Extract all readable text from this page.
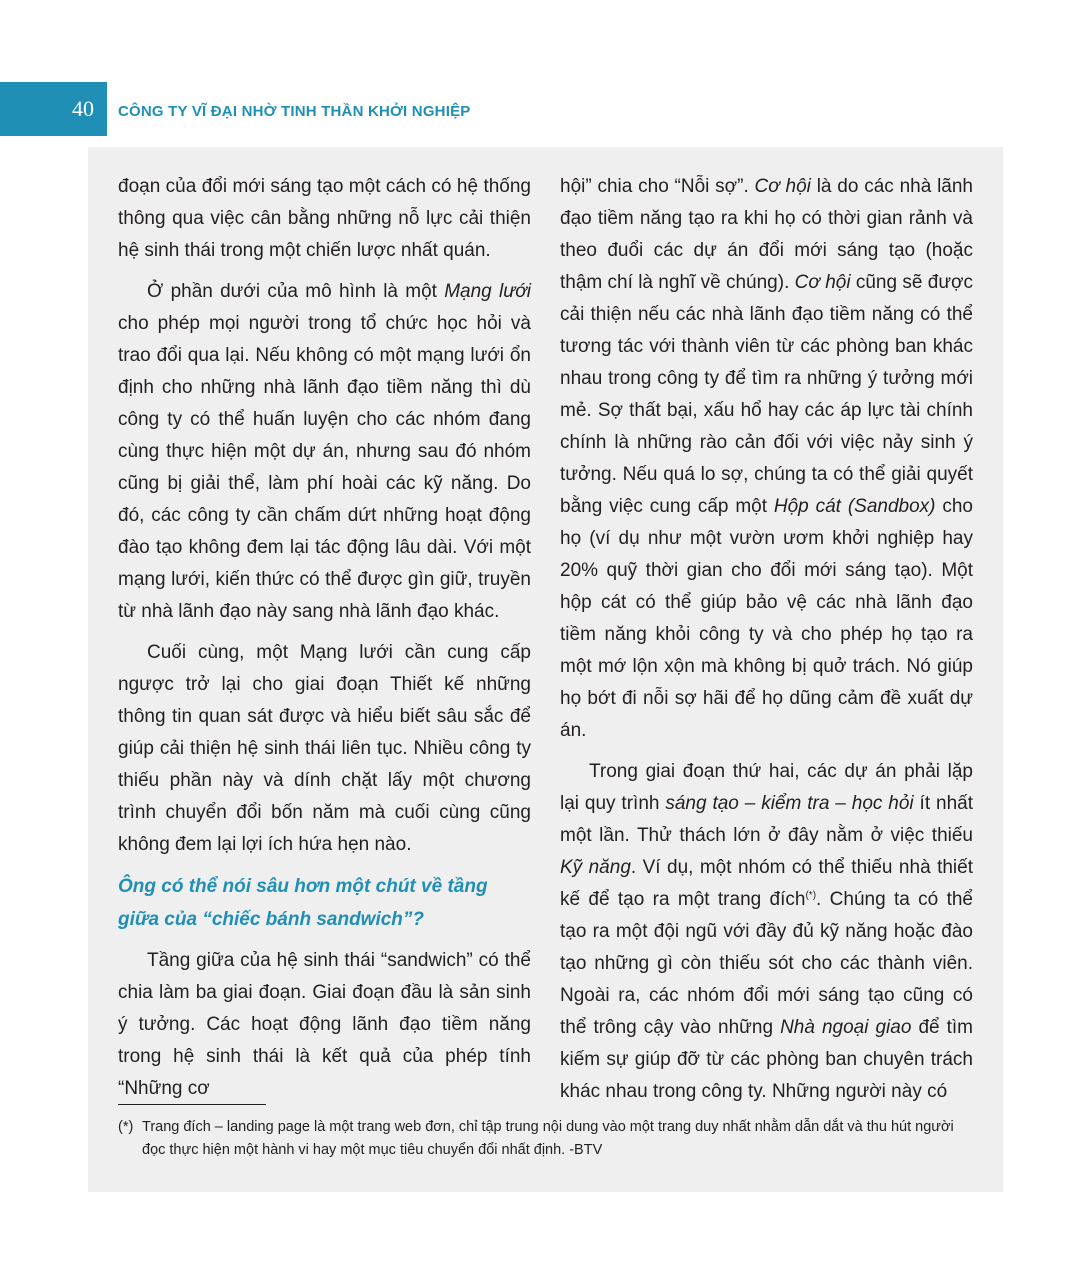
40	CÔNG TY VĨ ĐẠI NHỜ TINH THẦN KHỞI NGHIỆP

đoạn của đổi mới sáng tạo một cách có hệ thống thông qua việc cân bằng những nỗ lực cải thiện hệ sinh thái trong một chiến lược nhất quán.

Ở phần dưới của mô hình là một Mạng lưới cho phép mọi người trong tổ chức học hỏi và trao đổi qua lại. Nếu không có một mạng lưới ổn định cho những nhà lãnh đạo tiềm năng thì dù công ty có thể huấn luyện cho các nhóm đang cùng thực hiện một dự án, nhưng sau đó nhóm cũng bị giải thể, làm phí hoài các kỹ năng. Do đó, các công ty cần chấm dứt những hoạt động đào tạo không đem lại tác động lâu dài. Với một mạng lưới, kiến thức có thể được gìn giữ, truyền từ nhà lãnh đạo này sang nhà lãnh đạo khác.

Cuối cùng, một Mạng lưới cần cung cấp ngược trở lại cho giai đoạn Thiết kế những thông tin quan sát được và hiểu biết sâu sắc để giúp cải thiện hệ sinh thái liên tục. Nhiều công ty thiếu phần này và dính chặt lấy một chương trình chuyển đổi bốn năm mà cuối cùng cũng không đem lại lợi ích hứa hẹn nào.

Ông có thể nói sâu hơn một chút về tầng giữa của “chiếc bánh sandwich”?

Tầng giữa của hệ sinh thái “sandwich” có thể chia làm ba giai đoạn. Giai đoạn đầu là sản sinh ý tưởng. Các hoạt động lãnh đạo tiềm năng trong hệ sinh thái là kết quả của phép tính “Những cơ

hội” chia cho “Nỗi sợ”. Cơ hội là do các nhà lãnh đạo tiềm năng tạo ra khi họ có thời gian rảnh và theo đuổi các dự án đổi mới sáng tạo (hoặc thậm chí là nghĩ về chúng). Cơ hội cũng sẽ được cải thiện nếu các nhà lãnh đạo tiềm năng có thể tương tác với thành viên từ các phòng ban khác nhau trong công ty để tìm ra những ý tưởng mới mẻ. Sợ thất bại, xấu hổ hay các áp lực tài chính chính là những rào cản đối với việc nảy sinh ý tưởng. Nếu quá lo sợ, chúng ta có thể giải quyết bằng việc cung cấp một Hộp cát (Sandbox) cho họ (ví dụ như một vườn ươm khởi nghiệp hay 20% quỹ thời gian cho đổi mới sáng tạo). Một hộp cát có thể giúp bảo vệ các nhà lãnh đạo tiềm năng khỏi công ty và cho phép họ tạo ra một mớ lộn xộn mà không bị quở trách. Nó giúp họ bớt đi nỗi sợ hãi để họ dũng cảm đề xuất dự án.

Trong giai đoạn thứ hai, các dự án phải lặp lại quy trình sáng tạo – kiểm tra – học hỏi ít nhất một lần. Thử thách lớn ở đây nằm ở việc thiếu Kỹ năng. Ví dụ, một nhóm có thể thiếu nhà thiết kế để tạo ra một trang đích(*). Chúng ta có thể tạo ra một đội ngũ với đầy đủ kỹ năng hoặc đào tạo những gì còn thiếu sót cho các thành viên. Ngoài ra, các nhóm đổi mới sáng tạo cũng có thể trông cậy vào những Nhà ngoại giao để tìm kiếm sự giúp đỡ từ các phòng ban chuyên trách khác nhau trong công ty. Những người này có

(*) Trang đích – landing page là một trang web đơn, chỉ tập trung nội dung vào một trang duy nhất nhằm dẫn dắt và thu hút người đọc thực hiện một hành vi hay một mục tiêu chuyển đổi nhất định. -BTV
